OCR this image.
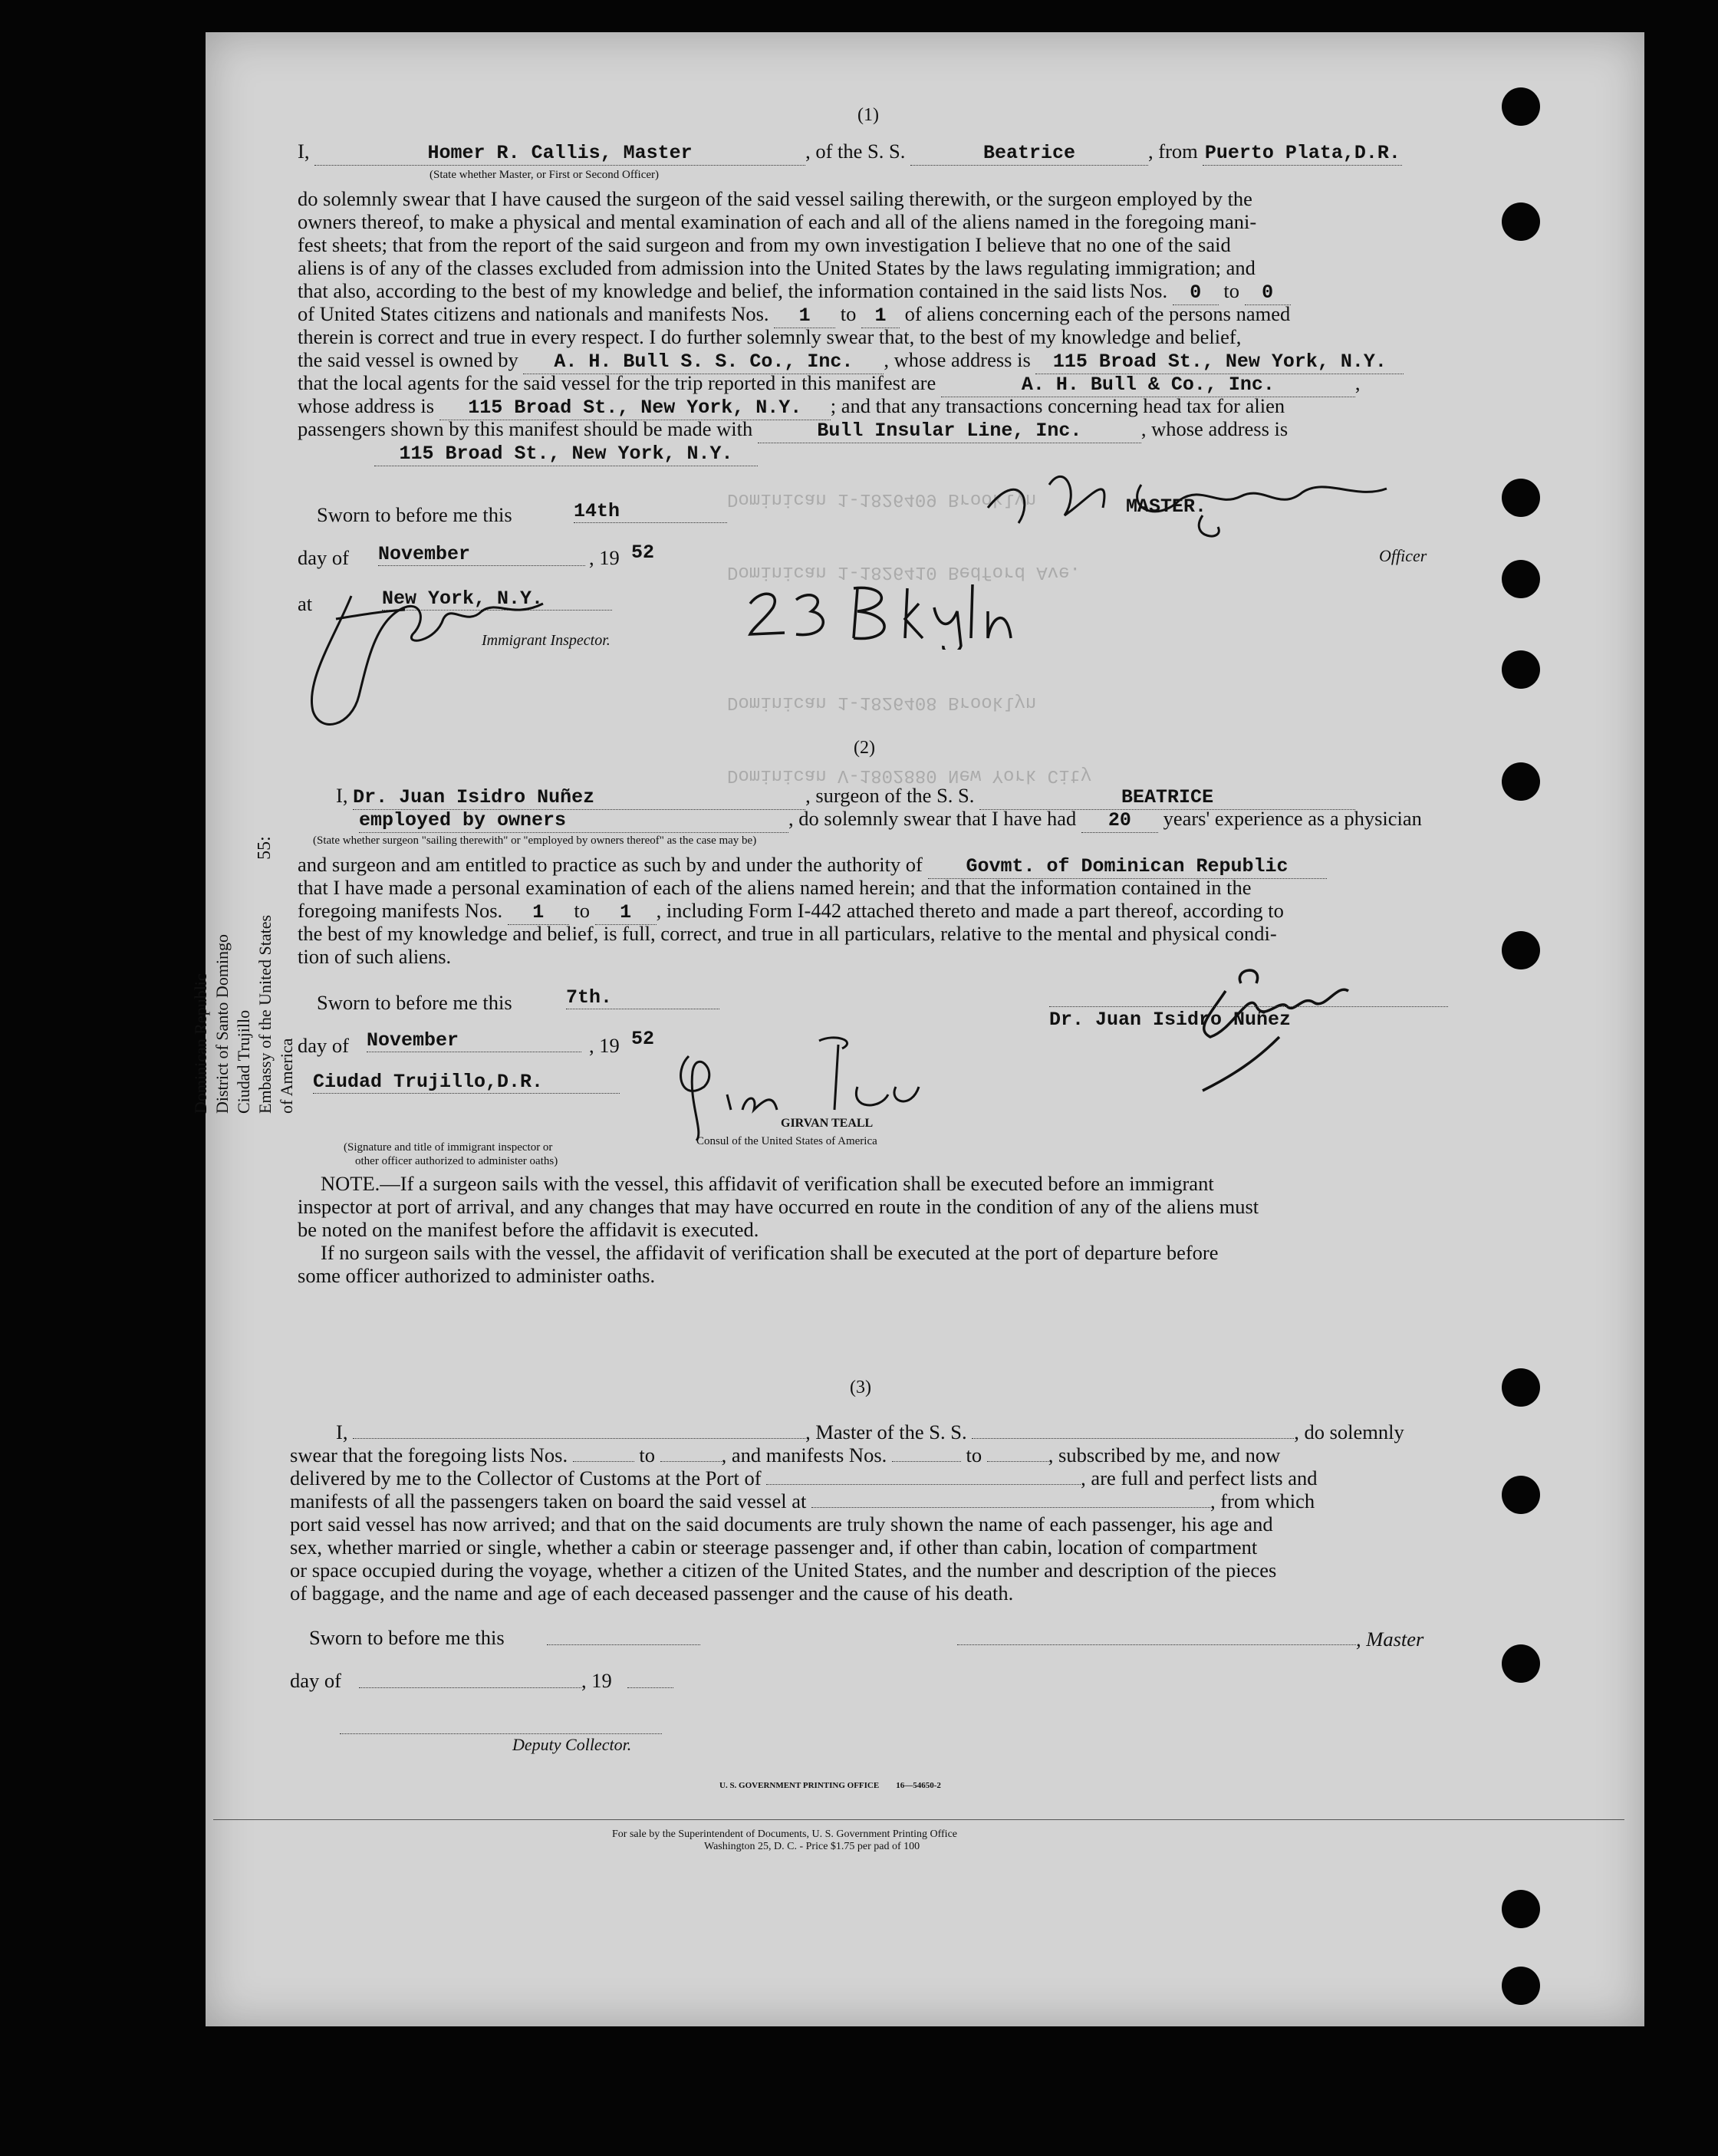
Dominican 1-1826409 Brooklyn
Dominican 1-1826410 Bedford Ave.
Dominican 1-1826408 Brooklyn
Dominican V-1802880 New York City
(1)
I,	Homer R. Callis, Master	, of the S. S.	Beatrice	, from Puerto Plata,D.R.
(State whether Master, or First or Second Officer)
do solemnly swear that I have caused the surgeon of the said vessel sailing therewith, or the surgeon employed by the
owners thereof, to make a physical and mental examination of each and all of the aliens named in the foregoing mani-
fest sheets; that from the report of the said surgeon and from my own investigation I believe that no one of the said
aliens is of any of the classes excluded from admission into the United States by the laws regulating immigration; and
that also, according to the best of my knowledge and belief, the information contained in the said lists Nos. 0 to 0
of United States citizens and nationals and manifests Nos. 1 to 1 of aliens concerning each of the persons named
therein is correct and true in every respect. I do further solemnly swear that, to the best of my knowledge and belief,
the said vessel is owned by A. H. Bull S. S. Co., Inc. , whose address is 115 Broad St., New York, N.Y.
that the local agents for the said vessel for the trip reported in this manifest are	A. H. Bull & Co., Inc.	,
whose address is 115 Broad St., New York, N.Y. ; and that any transactions concerning head tax for alien
passengers shown by this manifest should be made with	Bull Insular Line, Inc.	, whose address is
115 Broad St., New York, N.Y.
Sworn to before me this	14th
day of November	, 19 52
at	New York, N.Y.
Immigrant Inspector.
MASTER.
Officer
(2)
I, Dr. Juan Isidro Nuñez	, surgeon of the S. S.	BEATRICE
employed by owners	, do solemnly swear that I have had 20 years' experience as a physician
(State whether surgeon "sailing therewith" or "employed by owners thereof" as the case may be)
and surgeon and am entitled to practice as such by and under the authority of Govmt. of Dominican Republic
that I have made a personal examination of each of the aliens named herein; and that the information contained in the
foregoing manifests Nos. 1 to 1 , including Form I-442 attached thereto and made a part thereof, according to
the best of my knowledge and belief, is full, correct, and true in all particulars, relative to the mental and physical condi-
tion of such aliens.
Sworn to before me this	7th.
day of November	, 19 52
Ciudad Trujillo,D.R.
(Signature and title of immigrant inspector or
other officer authorized to administer oaths)
GIRVAN TEALL
Consul of the United States of America
Dr. Juan Isidro Nuñez
Dominican Republic District of Santo Domingo Ciudad Trujillo Embassy of the United States of America
55:
NOTE.—If a surgeon sails with the vessel, this affidavit of verification shall be executed before an immigrant
inspector at port of arrival, and any changes that may have occurred en route in the condition of any of the aliens must
be noted on the manifest before the affidavit is executed.
If no surgeon sails with the vessel, the affidavit of verification shall be executed at the port of departure before
some officer authorized to administer oaths.
(3)
I,	, Master of the S. S.	, do solemnly
swear that the foregoing lists Nos.	to	, and manifests Nos.	to	, subscribed by me, and now
delivered by me to the Collector of Customs at the Port of	, are full and perfect lists and
manifests of all the passengers taken on board the said vessel at	, from which
port said vessel has now arrived; and that on the said documents are truly shown the name of each passenger, his age and
sex, whether married or single, whether a cabin or steerage passenger and, if other than cabin, location of compartment
or space occupied during the voyage, whether a citizen of the United States, and the number and description of the pieces
of baggage, and the name and age of each deceased passenger and the cause of his death.
Sworn to before me this	, Master
day of	, 19
Deputy Collector.
U. S. GOVERNMENT PRINTING OFFICE 16—54650-2
For sale by the Superintendent of Documents, U. S. Government Printing Office
Washington 25, D. C. - Price $1.75 per pad of 100
